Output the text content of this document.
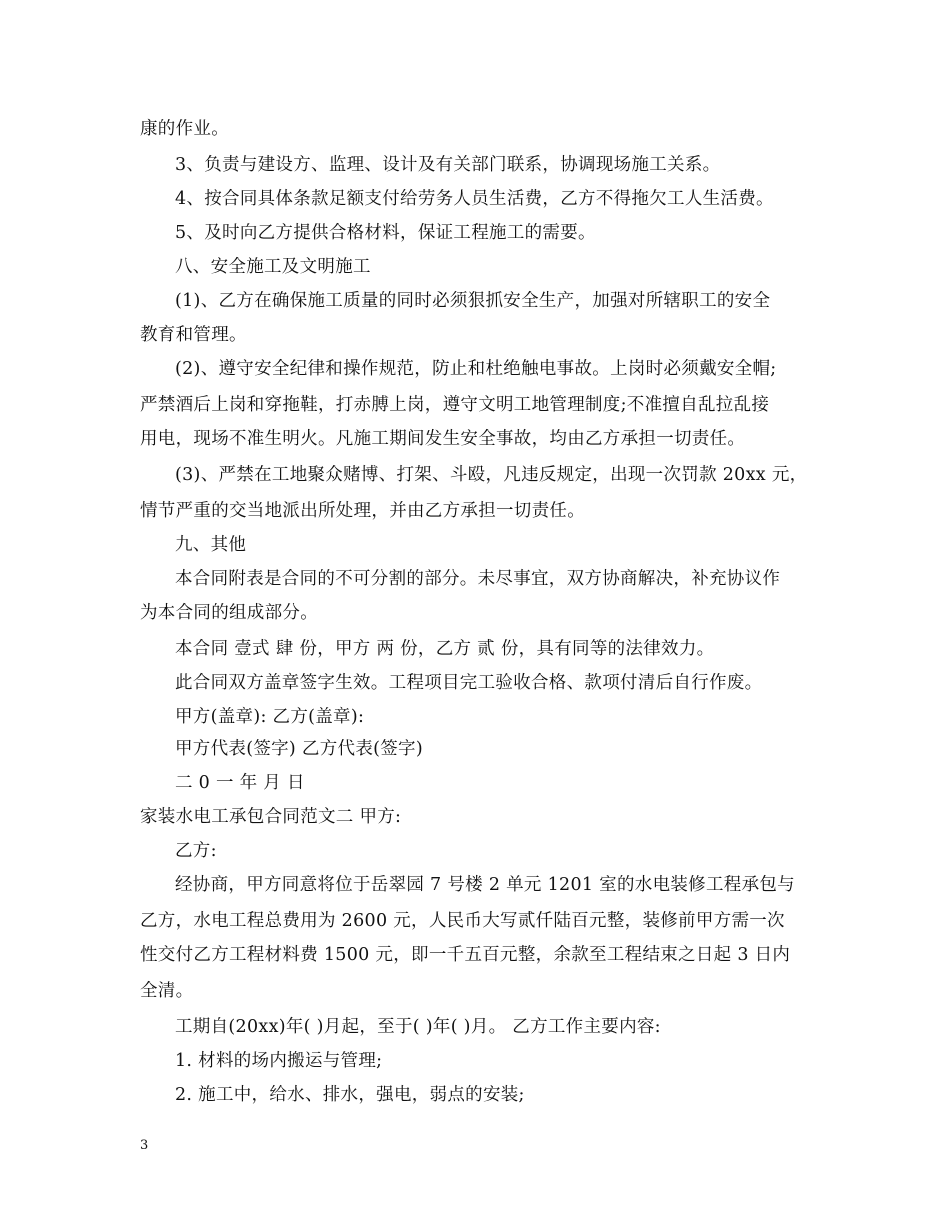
康的作业。
3、负责与建设方、监理、设计及有关部门联系，协调现场施工关系。
4、按合同具体条款足额支付给劳务人员生活费，乙方不得拖欠工人生活费。
5、及时向乙方提供合格材料，保证工程施工的需要。
八、安全施工及文明施工
(1)、乙方在确保施工质量的同时必须狠抓安全生产，加强对所辖职工的安全
教育和管理。
(2)、遵守安全纪律和操作规范，防止和杜绝触电事故。上岗时必须戴安全帽;
严禁酒后上岗和穿拖鞋，打赤膊上岗，遵守文明工地管理制度;不准擅自乱拉乱接
用电，现场不准生明火。凡施工期间发生安全事故，均由乙方承担一切责任。
(3)、严禁在工地聚众赌博、打架、斗殴，凡违反规定，出现一次罚款 20xx 元，
情节严重的交当地派出所处理，并由乙方承担一切责任。
九、其他
本合同附表是合同的不可分割的部分。未尽事宜，双方协商解决，补充协议作
为本合同的组成部分。
本合同 壹式 肆 份，甲方 两 份，乙方 贰 份，具有同等的法律效力。
此合同双方盖章签字生效。工程项目完工验收合格、款项付清后自行作废。
甲方(盖章): 乙方(盖章):
甲方代表(签字) 乙方代表(签字)
二 0 一 年 月 日
家装水电工承包合同范文二 甲方:
乙方:
经协商，甲方同意将位于岳翠园 7 号楼 2 单元 1201 室的水电装修工程承包与
乙方，水电工程总费用为 2600 元，人民币大写贰仟陆百元整，装修前甲方需一次
性交付乙方工程材料费 1500 元，即一千五百元整，余款至工程结束之日起 3 日内
全清。
工期自(20xx)年( )月起，至于( )年( )月。 乙方工作主要内容:
1. 材料的场内搬运与管理;
2. 施工中，给水、排水，强电，弱点的安装;
3
